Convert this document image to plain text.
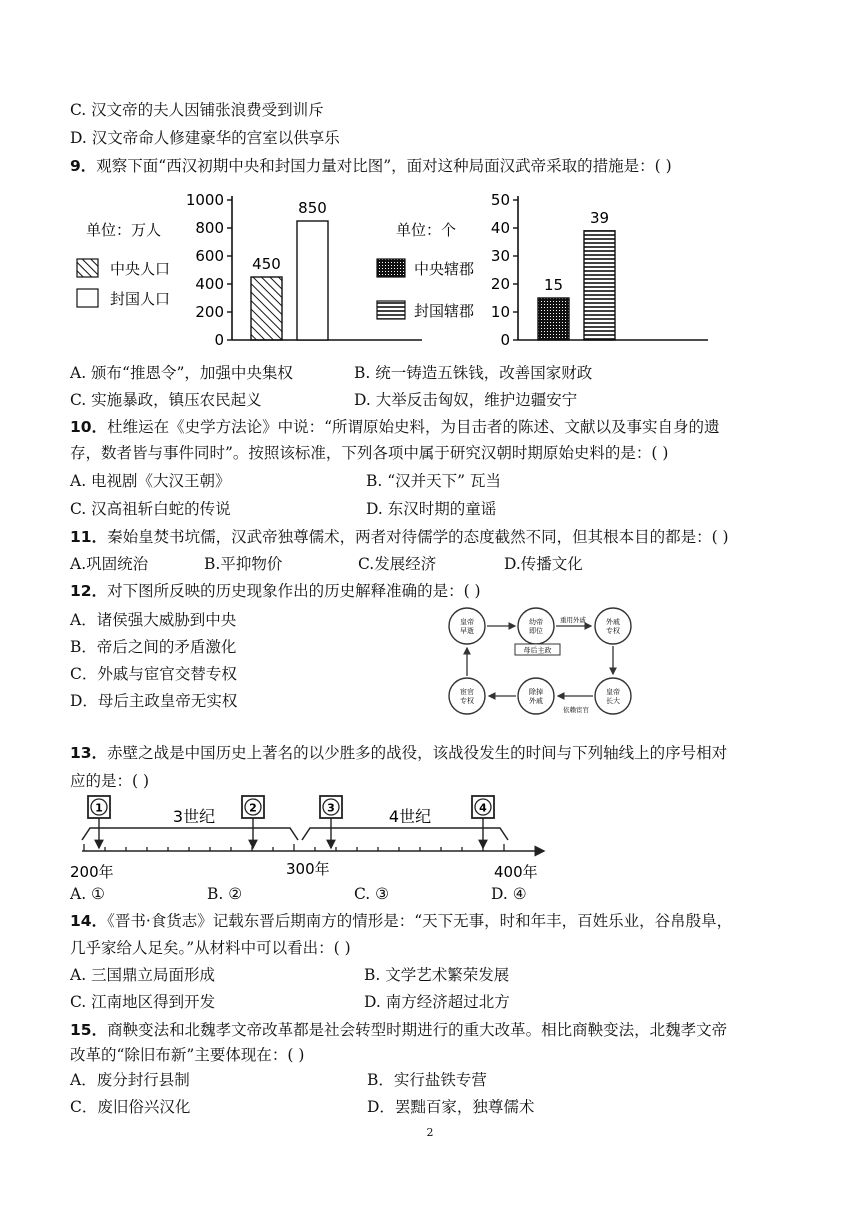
C. 汉文帝的夫人因铺张浪费受到训斥
D. 汉文帝命人修建豪华的宫室以供享乐
9．观察下面“西汉初期中央和封国力量对比图”，面对这种局面汉武帝采取的措施是：( )
单位：万人
中央人口
封国人口
0
200
400
600
800
1000
450
850
单位：个
中央辖郡
封国辖郡
0
10
20
30
40
50
15
39
A. 颁布“推恩令”，加强中央集权	B. 统一铸造五铢钱，改善国家财政
C. 实施暴政，镇压农民起义	D. 大举反击匈奴，维护边疆安宁
10．杜维运在《史学方法论》中说：“所谓原始史料，为目击者的陈述、文献以及事实自身的遗
存，数者皆与事件同时”。按照该标准，下列各项中属于研究汉朝时期原始史料的是：( )
A. 电视剧《大汉王朝》	B. “汉并天下” 瓦当
C. 汉高祖斩白蛇的传说	D. 东汉时期的童谣
11．秦始皇焚书坑儒，汉武帝独尊儒术，两者对待儒学的态度截然不同，但其根本目的都是：( )
A.巩固统治	B.平抑物价	C.发展经济	D.传播文化
12．对下图所反映的历史现象作出的历史解释准确的是：( )
A．诸侯强大威胁到中央
B．帝后之间的矛盾激化
C．外戚与宦官交替专权
D．母后主政皇帝无实权
皇帝
早逝
幼帝
即位
外戚
专权
皇帝
长大
除掉
外戚
宦官
专权
重用外戚
母后主政
依赖宦官
13．赤壁之战是中国历史上著名的以少胜多的战役，该战役发生的时间与下列轴线上的序号相对
应的是：( )
3世纪	4世纪
200年	300年	400年
1	2	3	4
A. ①	B. ②	C. ③	D. ④
14．《晋书·食货志》记载东晋后期南方的情形是：“天下无事，时和年丰，百姓乐业，谷帛殷阜，
几乎家给人足矣。”从材料中可以看出：( )
A. 三国鼎立局面形成	B. 文学艺术繁荣发展
C. 江南地区得到开发	D. 南方经济超过北方
15．商鞅变法和北魏孝文帝改革都是社会转型时期进行的重大改革。相比商鞅变法，北魏孝文帝
改革的“除旧布新”主要体现在：( )
A．废分封行县制	B．实行盐铁专营
C．废旧俗兴汉化	D．罢黜百家，独尊儒术
2
